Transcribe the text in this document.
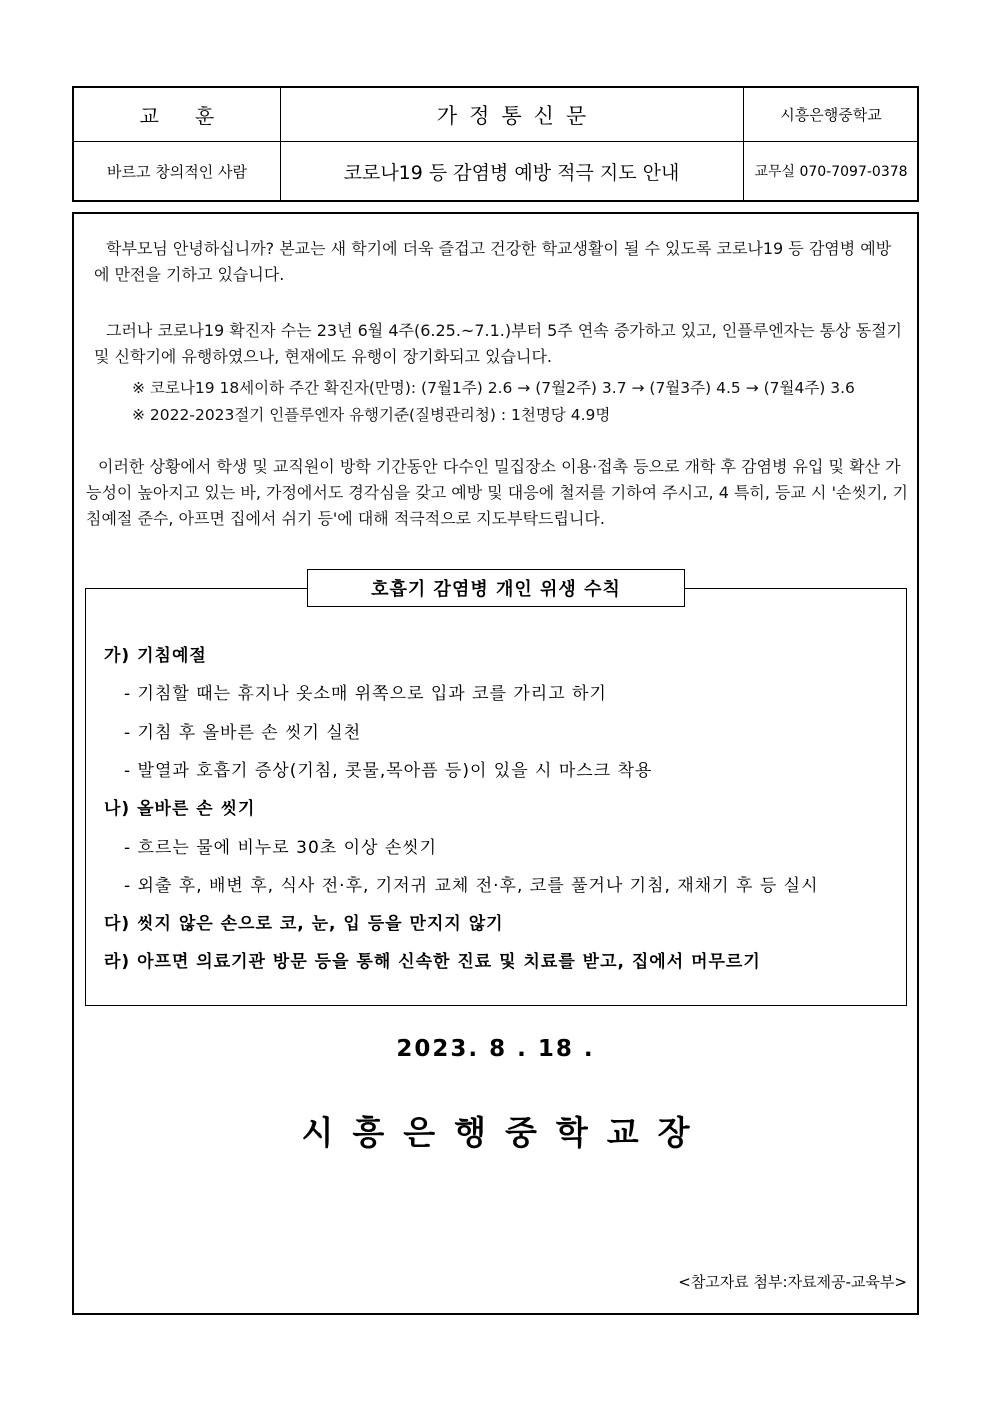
교훈	가정통신문	시흥은행중학교
바르고 창의적인 사람	코로나19 등 감염병 예방 적극 지도 안내	교무실 070-7097-0378
학부모님 안녕하십니까? 본교는 새 학기에 더욱 즐겁고 건강한 학교생활이 될 수 있도록 코로나19 등 감염병 예방에 만전을 기하고 있습니다.
그러나 코로나19 확진자 수는 23년 6월 4주(6.25.~7.1.)부터 5주 연속 증가하고 있고, 인플루엔자는 통상 동절기 및 신학기에 유행하였으나, 현재에도 유행이 장기화되고 있습니다.
※ 코로나19 18세이하 주간 확진자(만명): (7월1주) 2.6 → (7월2주) 3.7 → (7월3주) 4.5 → (7월4주) 3.6
※ 2022-2023절기 인플루엔자 유행기준(질병관리청) : 1천명당 4.9명
이러한 상황에서 학생 및 교직원이 방학 기간동안 다수인 밀집장소 이용·접촉 등으로 개학 후 감염병 유입 및 확산 가능성이 높아지고 있는 바, 가정에서도 경각심을 갖고 예방 및 대응에 철저를 기하여 주시고, 4 특히, 등교 시 '손씻기, 기침예절 준수, 아프면 집에서 쉬기 등'에 대해 적극적으로 지도부탁드립니다.
가) 기침예절
- 기침할 때는 휴지나 옷소매 위쪽으로 입과 코를 가리고 하기
- 기침 후 올바른 손 씻기 실천
- 발열과 호흡기 증상(기침, 콧물,목아픔 등)이 있을 시 마스크 착용
나) 올바른 손 씻기
- 흐르는 물에 비누로 30초 이상 손씻기
- 외출 후, 배변 후, 식사 전·후, 기저귀 교체 전·후, 코를 풀거나 기침, 재채기 후 등 실시
다) 씻지 않은 손으로 코, 눈, 입 등을 만지지 않기
라) 아프면 의료기관 방문 등을 통해 신속한 진료 및 치료를 받고, 집에서 머무르기
호흡기 감염병 개인 위생 수칙
2023. 8 . 18 .
시흥은행중학교장
<참고자료 첨부:자료제공-교육부>
